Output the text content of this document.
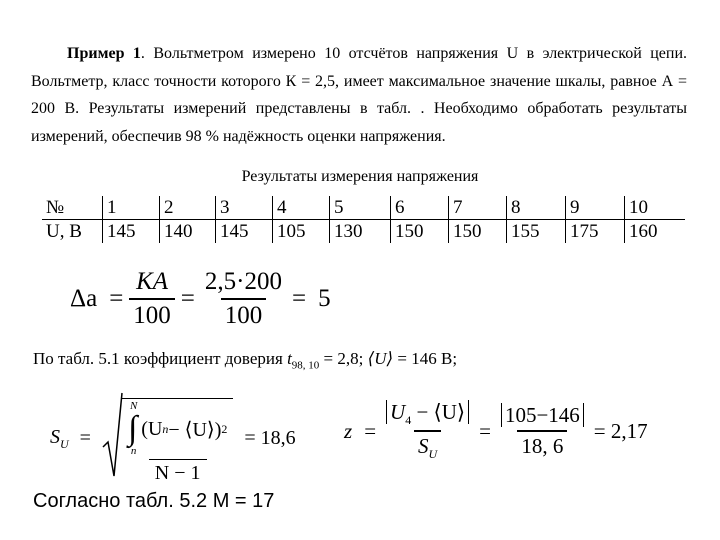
Пример 1. Вольтметром измерено 10 отсчётов напряжения U в электрической цепи. Вольтметр, класс точности которого К = 2,5, имеет максимальное значение шкалы, равное А = 200 В. Результаты измерений представлены в табл. . Необходимо обработать результаты измерений, обеспечив 98 % надёжность оценки напряжения.
Результаты измерения напряжения
№	1	2	3	4	5	6	7	8	9	10
U, В	145	140	145	105	130	150	150	155	175	160
$\Delta a = \frac{KA}{100} = \frac{2,5\cdot 200}{100} = 5$
По табл. 5.1 коэффициент доверия $t_{98, 10} = 2,8$; ⟨U⟩ = 146 В;
$S_U$ =	N
∫
n
(U n − ⟨U⟩) 2
N − 1 = 18,6 $z = \frac{U_4 - ⟨U⟩}{S_U} = \frac{105-146}{18, 6} = 2,17$
Согласно табл. 5.2 М = 17
